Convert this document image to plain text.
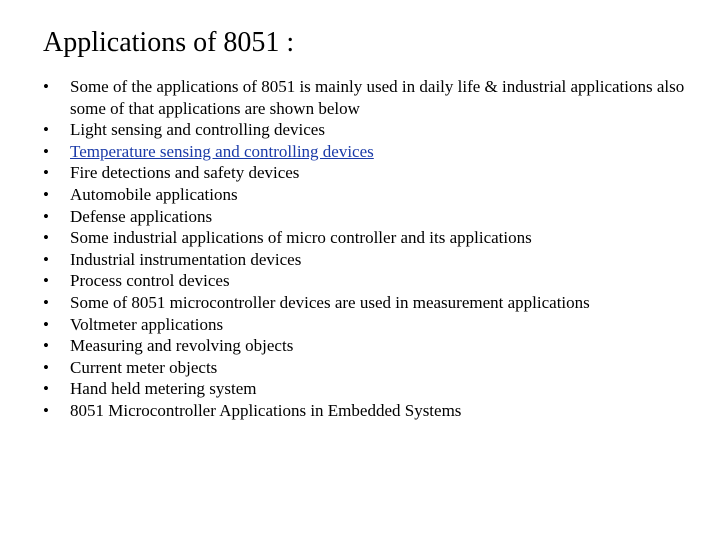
Applications of 8051 :
•	Some of the applications of 8051 is mainly used in daily life & industrial applications also some of that applications are shown below
•	Light sensing and controlling devices
•	Temperature sensing and controlling devices
•	Fire detections and safety devices
•	Automobile applications
•	Defense applications
•	Some industrial applications of micro controller and its applications
•	Industrial instrumentation devices
•	Process control devices
•	Some of 8051 microcontroller devices are used in measurement applications
•	Voltmeter applications
•	Measuring and revolving objects
•	Current meter objects
•	Hand held metering system
•	8051 Microcontroller Applications in Embedded Systems
